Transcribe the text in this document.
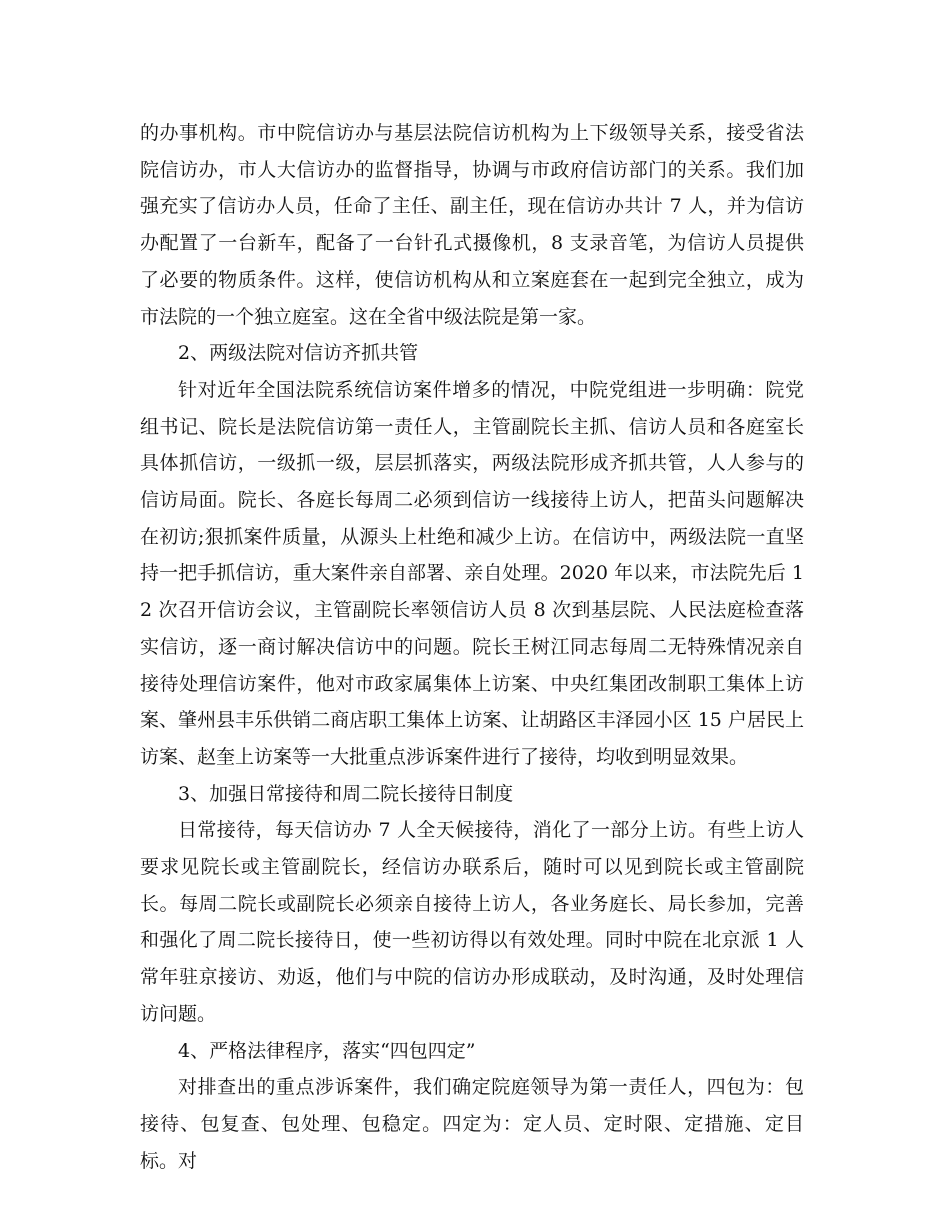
的办事机构。市中院信访办与基层法院信访机构为上下级领导关系，接受省法院信访办，市人大信访办的监督指导，协调与市政府信访部门的关系。我们加强充实了信访办人员，任命了主任、副主任，现在信访办共计 7 人，并为信访办配置了一台新车，配备了一台针孔式摄像机，8 支录音笔，为信访人员提供了必要的物质条件。这样，使信访机构从和立案庭套在一起到完全独立，成为市法院的一个独立庭室。这在全省中级法院是第一家。

2、两级法院对信访齐抓共管

针对近年全国法院系统信访案件增多的情况，中院党组进一步明确：院党组书记、院长是法院信访第一责任人，主管副院长主抓、信访人员和各庭室长具体抓信访，一级抓一级，层层抓落实，两级法院形成齐抓共管，人人参与的信访局面。院长、各庭长每周二必须到信访一线接待上访人，把苗头问题解决在初访;狠抓案件质量，从源头上杜绝和减少上访。在信访中，两级法院一直坚持一把手抓信访，重大案件亲自部署、亲自处理。2020 年以来，市法院先后 12 次召开信访会议，主管副院长率领信访人员 8 次到基层院、人民法庭检查落实信访，逐一商讨解决信访中的问题。院长王树江同志每周二无特殊情况亲自接待处理信访案件，他对市政家属集体上访案、中央红集团改制职工集体上访案、肇州县丰乐供销二商店职工集体上访案、让胡路区丰泽园小区 15 户居民上访案、赵奎上访案等一大批重点涉诉案件进行了接待，均收到明显效果。

3、加强日常接待和周二院长接待日制度

日常接待，每天信访办 7 人全天候接待，消化了一部分上访。有些上访人要求见院长或主管副院长，经信访办联系后，随时可以见到院长或主管副院长。每周二院长或副院长必须亲自接待上访人，各业务庭长、局长参加，完善和强化了周二院长接待日，使一些初访得以有效处理。同时中院在北京派 1 人常年驻京接访、劝返，他们与中院的信访办形成联动，及时沟通，及时处理信访问题。

4、严格法律程序，落实“四包四定”

对排查出的重点涉诉案件，我们确定院庭领导为第一责任人，四包为：包接待、包复查、包处理、包稳定。四定为：定人员、定时限、定措施、定目标。对
